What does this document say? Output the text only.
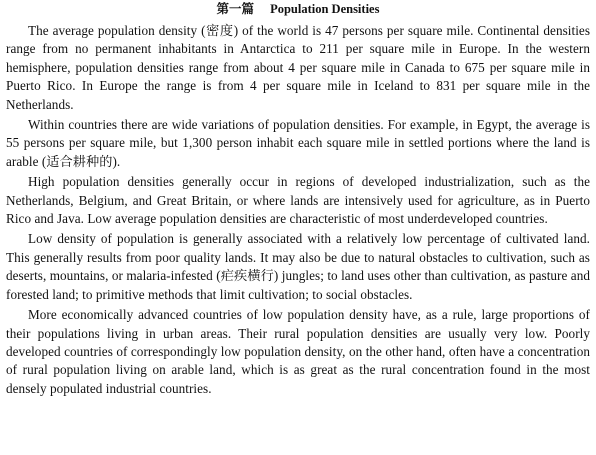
第一篇 Population Densities

The average population density (密度) of the world is 47 persons per square mile. Continental densities range from no permanent inhabitants in Antarctica to 211 per square mile in Europe. In the western hemisphere, population densities range from about 4 per square mile in Canada to 675 per square mile in Puerto Rico. In Europe the range is from 4 per square mile in Iceland to 831 per square mile in the Netherlands.

Within countries there are wide variations of population densities. For example, in Egypt, the average is 55 persons per square mile, but 1,300 person inhabit each square mile in settled portions where the land is arable (适合耕种的).

High population densities generally occur in regions of developed industrialization, such as the Netherlands, Belgium, and Great Britain, or where lands are intensively used for agriculture, as in Puerto Rico and Java. Low average population densities are characteristic of most underdeveloped countries.

Low density of population is generally associated with a relatively low percentage of cultivated land. This generally results from poor quality lands. It may also be due to natural obstacles to cultivation, such as deserts, mountains, or malaria-infested (疟疾横行) jungles; to land uses other than cultivation, as pasture and forested land; to primitive methods that limit cultivation; to social obstacles.

More economically advanced countries of low population density have, as a rule, large proportions of their populations living in urban areas. Their rural population densities are usually very low. Poorly developed countries of correspondingly low population density, on the other hand, often have a concentration of rural population living on arable land, which is as great as the rural concentration found in the most densely populated industrial countries.
